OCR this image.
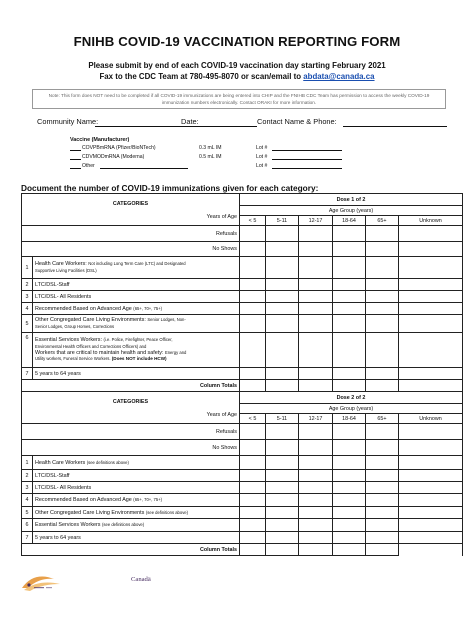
FNIHB COVID-19 VACCINATION REPORTING FORM
Please submit by end of each COVID-19 vaccination day starting February 2021
Fax to the CDC Team at 780-495-8070 or scan/email to abdata@canada.ca
Note: This form does NOT need to be completed if all COVID-19 immunizations are being entered into CHIP and the FNIHB CDC Team has permission to access the weekly COVID-19 immunization numbers electronically. Contact ORAKI for more information.
Community Name:	Date:	Contact Name & Phone:
Vaccine (Manufacturer)
COVPBmRNA (Pfizer/BioNTech)	0.3 mL IM	Lot #
CDVMODmRNA (Moderna)	0.5 mL IM	Lot #
Other	Lot #
Document the number of COVID-19 immunizations given for each category:
CATEGORIES
Years of Age		Dose 1 of 2					
		Age Group (years)					
		< 5	5-11	12-17	18-64	65+	Unknown
Refusals							
No Shows							
1	Health Care Workers: Not including Long Term Care (LTC) and Designated
Supportive Living Facilities (DSL)						
2	LTC/DSL-Staff						
3	LTC/DSL- All Residents						
4	Recommended Based on Advanced Age (65+, 70+, 75+)						
5	Other Congregated Care Living Environments: Senior Lodges, Non-
Senior Lodges, Group Homes, Corrections						
6	Essential Services Workers: (i.e. Police, Firefighter, Peace Officer,
Environmental Health Officers and Corrections Officers) and
Workers that are critical to maintain health and safety: Energy and
Utility workers, Funeral Service Workers. (Does NOT include HCW)						
7	5 years to 64 years						
Column Totals							
CATEGORIES
Years of Age		Dose 2 of 2					
		Age Group (years)					
		< 5	5-11	12-17	18-64	65+	Unknown
Refusals							
No Shows							
1	Health Care Workers (see definitions above)						
2	LTC/DSL-Staff						
3	LTC/DSL- All Residents						
4	Recommended Based on Advanced Age (65+, 70+, 75+)						
5	Other Congregated Care Living Environments (see definitions above)						
6	Essential Services Workers (see definitions above)						
7	5 years to 64 years						
Column Totals							
Canadä
